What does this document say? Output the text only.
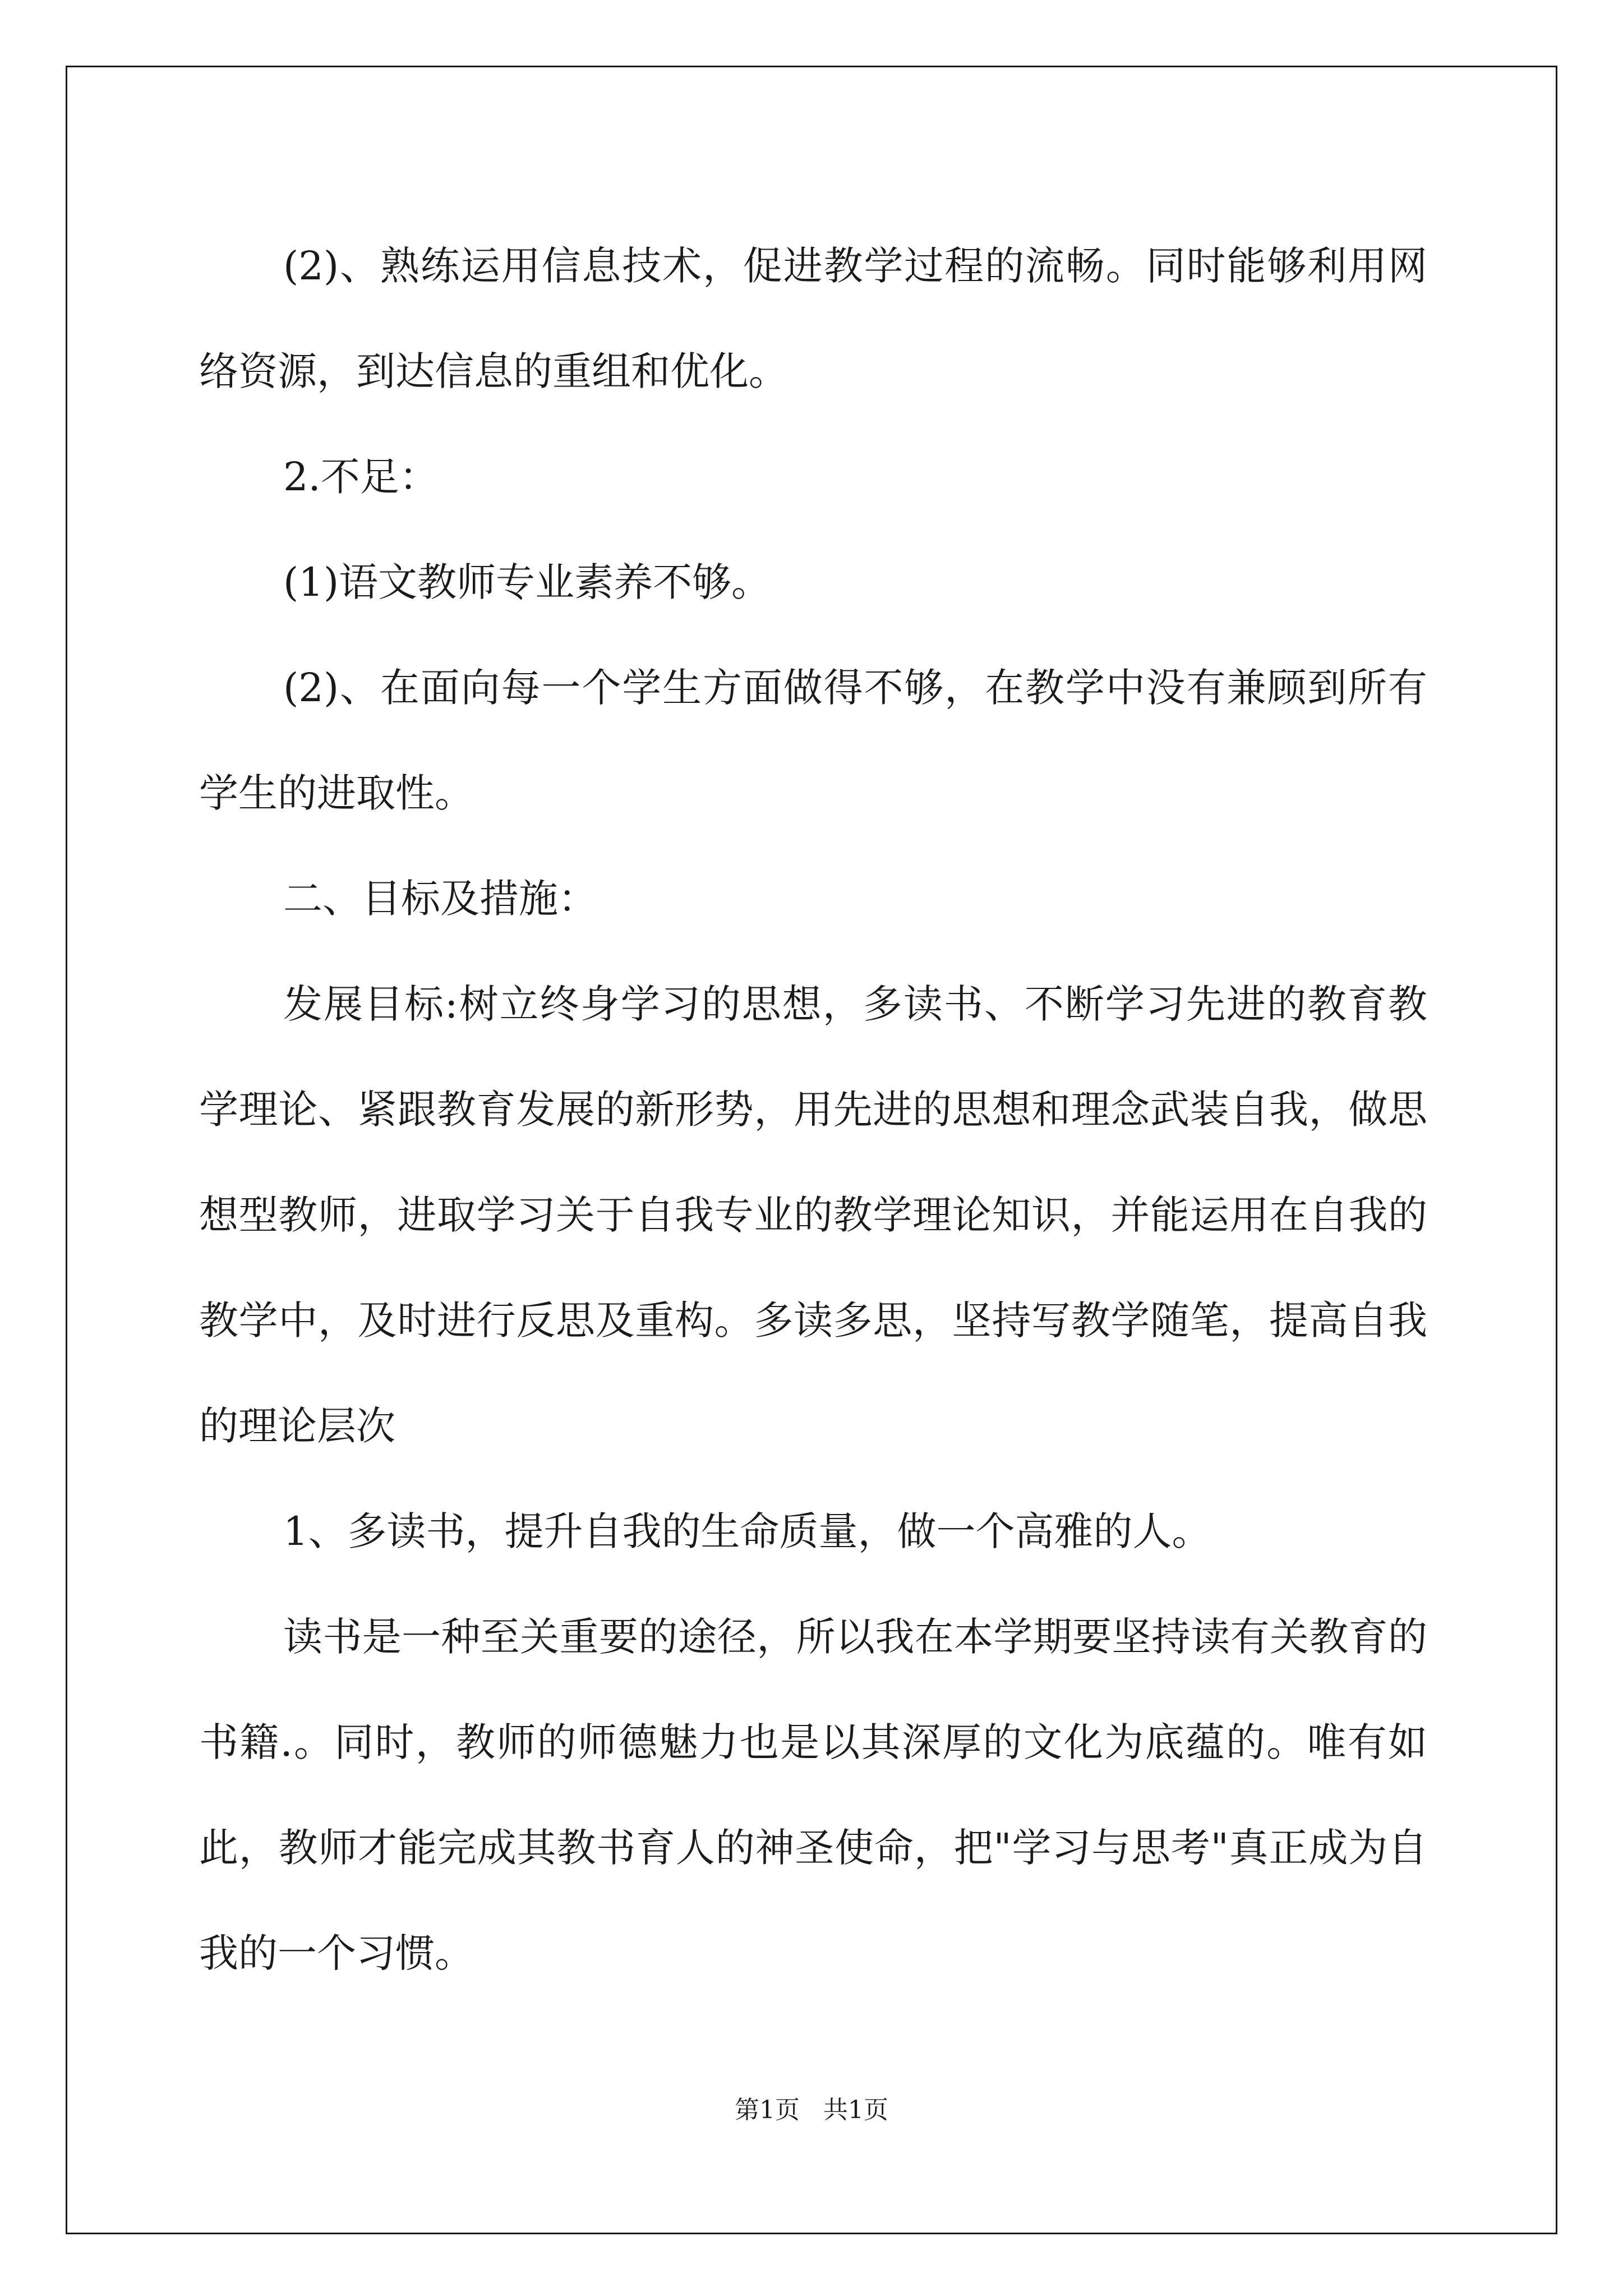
(2)、熟练运用信息技术，促进教学过程的流畅。同时能够利用网络资源，到达信息的重组和优化。

2.不足：

(1)语文教师专业素养不够。

(2)、在面向每一个学生方面做得不够，在教学中没有兼顾到所有学生的进取性。

二、目标及措施：

发展目标:树立终身学习的思想，多读书、不断学习先进的教育教学理论、紧跟教育发展的新形势，用先进的思想和理念武装自我，做思想型教师，进取学习关于自我专业的教学理论知识，并能运用在自我的教学中，及时进行反思及重构。多读多思，坚持写教学随笔，提高自我的理论层次

1、多读书，提升自我的生命质量，做一个高雅的人。

读书是一种至关重要的途径，所以我在本学期要坚持读有关教育的书籍.。同时，教师的师德魅力也是以其深厚的文化为底蕴的。唯有如此，教师才能完成其教书育人的神圣使命，把"学习与思考"真正成为自我的一个习惯。

第1页   共1页
